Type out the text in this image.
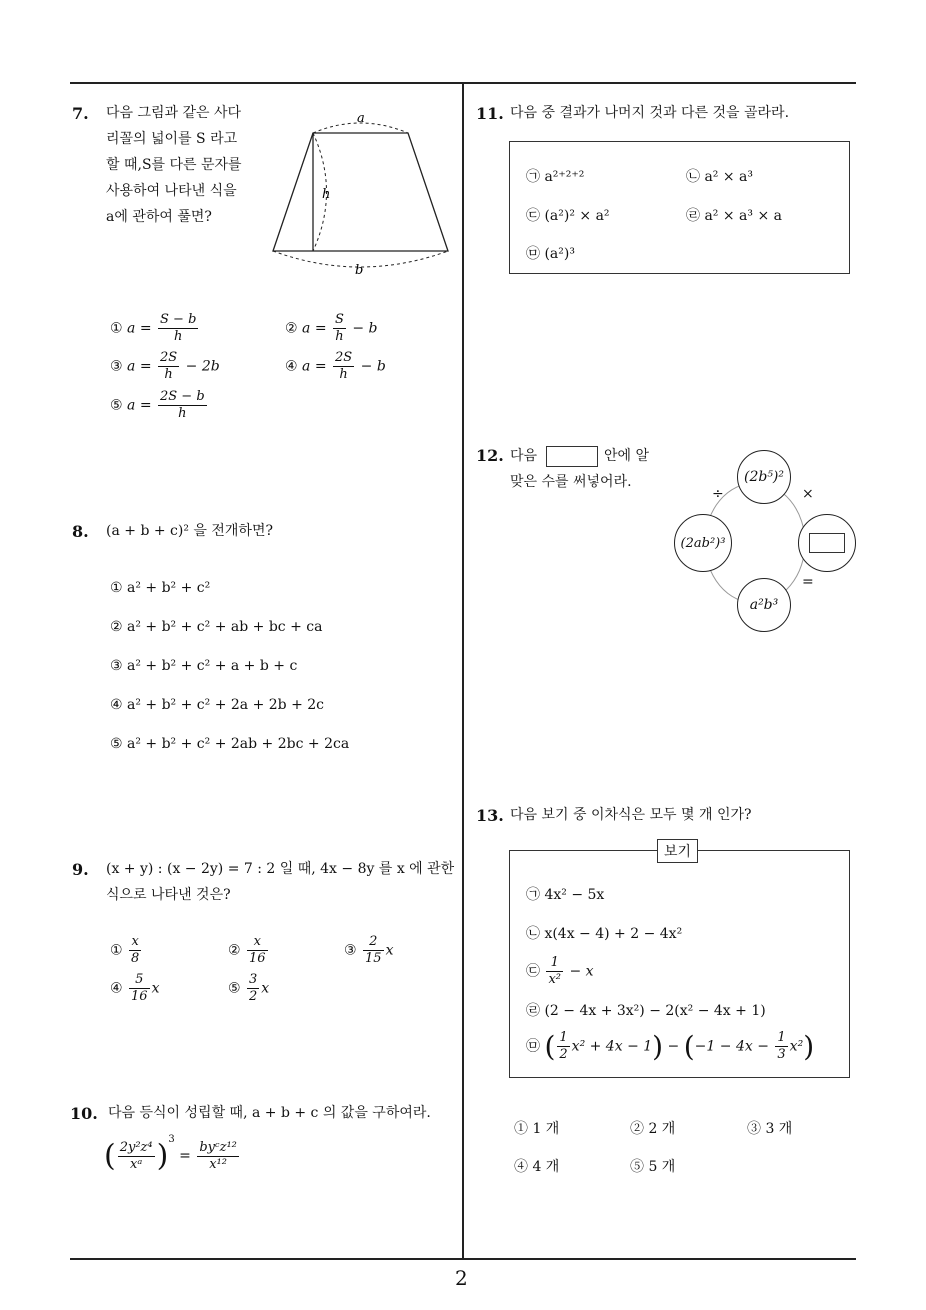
2
7. 다음 그림과 같은 사다
리꼴의 넓이를 S 라고
할 때,S를 다른 문자를
사용하여 나타낸 식을
a에 관하여 풀면?
a
h
b
① $a = \frac{S - b}{h}$	② $a = \frac{S}{h} - b$
③ $a = \frac{2S}{h} - 2b$	④ $a = \frac{2S}{h} - b$
⑤ $a = \frac{2S - b}{h}$
8. (a + b + c)² 을 전개하면?
① a² + b² + c²
② a² + b² + c² + ab + bc + ca
③ a² + b² + c² + a + b + c
④ a² + b² + c² + 2a + 2b + 2c
⑤ a² + b² + c² + 2ab + 2bc + 2ca
9. (x + y) : (x − 2y) = 7 : 2 일 때, 4x − 8y 를 x 에 관한
식으로 나타낸 것은?
① $\frac{x}{8}$	② $\frac{x}{16}$	③ $\frac{2}{15}$ x
④ $\frac{5}{16}$ x	⑤ $\frac{3}{2}$ x
10. 다음 등식이 성립할 때, a + b + c 의 값을 구하여라.
( $\frac{\text{2y²z⁴}}{\text{xᵃ}} )^3 = \frac{\text{byᶜz¹²}}{\text{x¹²}}$
11. 다음 중 결과가 나머지 것과 다른 것을 골라라.
㉠ a²⁺²⁺²	㉡ a² × a³
㉢ (a²)² × a²	㉣ a² × a³ × a
㉤ (a²)³
12. 다음	안에 알
맞은 수를 써넣어라.	(2b⁵)²
(2ab²)³
a²b³
÷	×
=
13. 다음 보기 중 이차식은 모두 몇 개 인가?
보기
㉠ 4x² − 5x
㉡ x(4x − 4) + 2 − 4x²
㉢ $\frac{1}{\text{x²}} - x$
㉣ (2 − 4x + 3x²) − 2(x² − 4x + 1)
㉤ ( $\frac{1}{2} x^2 + 4x - 1) - (-1 - 4x - \frac{1}{3} x^2)$
① 1 개	② 2 개	③ 3 개
④ 4 개	⑤ 5 개
